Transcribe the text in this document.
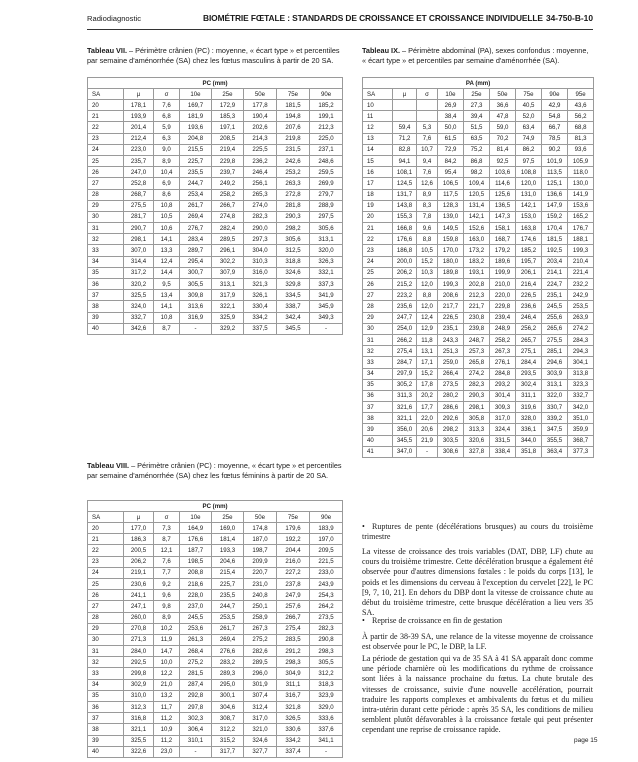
Radiodiagnostic	BIOMÉTRIE FŒTALE : STANDARDS DE CROISSANCE ET CROISSANCE INDIVIDUELLE 34-750-B-10
Tableau VII. – Périmètre crânien (PC) : moyenne, « écart type » et percentiles par semaine d'aménorrhée (SA) chez les fœtus masculins à partir de 20 SA.
PC (mm)							
SA	μ	σ	10e	25e	50e	75e	90e
20	178,1	7,6	169,7	172,9	177,8	181,5	185,2
21	193,9	6,8	181,9	185,3	190,4	194,8	199,1
22	201,4	5,9	193,6	197,1	202,6	207,6	212,3
23	212,4	6,3	204,8	208,5	214,3	219,8	225,0
24	223,0	9,0	215,5	219,4	225,5	231,5	237,1
25	235,7	8,9	225,7	229,8	236,2	242,6	248,6
26	247,0	10,4	235,5	239,7	246,4	253,2	259,5
27	252,8	6,9	244,7	249,2	256,1	263,3	269,9
28	268,7	8,6	253,4	258,2	265,3	272,8	279,7
29	275,5	10,8	261,7	266,7	274,0	281,8	288,9
30	281,7	10,5	269,4	274,8	282,3	290,3	297,5
31	290,7	10,6	276,7	282,4	290,0	298,2	305,6
32	298,1	14,1	283,4	289,5	297,3	305,6	313,1
33	307,0	13,3	289,7	296,1	304,0	312,5	320,0
34	314,4	12,4	295,4	302,2	310,3	318,8	326,3
35	317,2	14,4	300,7	307,9	316,0	324,6	332,1
36	320,2	9,5	305,5	313,1	321,3	329,8	337,3
37	325,5	13,4	309,8	317,9	326,1	334,5	341,9
38	324,0	14,1	313,6	322,1	330,4	338,7	345,9
39	332,7	10,8	316,9	325,9	334,2	342,4	349,3
40	342,6	8,7	-	329,2	337,5	345,5	-
Tableau VIII. – Périmètre crânien (PC) : moyenne, « écart type » et percentiles par semaine d'aménorrhée (SA) chez les fœtus féminins à partir de 20 SA.
PC (mm)							
SA	μ	σ	10e	25e	50e	75e	90e
20	177,0	7,3	164,9	169,0	174,8	179,6	183,9
21	186,3	8,7	176,6	181,4	187,0	192,2	197,0
22	200,5	12,1	187,7	193,3	198,7	204,4	209,5
23	206,2	7,6	198,5	204,6	209,9	216,0	221,5
24	219,1	7,7	208,8	215,4	220,7	227,2	233,0
25	230,6	9,2	218,6	225,7	231,0	237,8	243,9
26	241,1	9,6	228,0	235,5	240,8	247,9	254,3
27	247,1	9,8	237,0	244,7	250,1	257,6	264,2
28	260,0	8,9	245,5	253,5	258,9	266,7	273,5
29	270,8	10,2	253,6	261,7	267,3	275,4	282,3
30	271,3	11,9	261,3	269,4	275,2	283,5	290,8
31	284,0	14,7	268,4	276,6	282,6	291,2	298,3
32	292,5	10,0	275,2	283,2	289,5	298,3	305,5
33	299,8	12,2	281,5	289,3	296,0	304,9	312,2
34	302,9	21,0	287,4	295,0	301,9	311,1	318,3
35	310,0	13,2	292,8	300,1	307,4	316,7	323,9
36	312,3	11,7	297,8	304,6	312,4	321,8	329,0
37	316,8	11,2	302,3	308,7	317,0	326,5	333,6
38	321,1	10,9	306,4	312,2	321,0	330,6	337,6
39	325,5	11,2	310,1	315,2	324,6	334,2	341,1
40	322,6	23,0	-	317,7	327,7	337,4	-
Tableau IX. – Périmètre abdominal (PA), sexes confondus : moyenne, « écart type » et percentiles par semaine d'aménorrhée (SA).
PA (mm)									
SA	μ	σ	10e	25e	50e	75e	90e	95e	
10			26,9	27,3	36,6	40,5	42,9	43,6	
11			38,4	39,4	47,8	52,0	54,8	56,2	
12	59,4	5,3	50,0	51,5	59,0	63,4	66,7	68,8	
13	71,2	7,6	61,5	63,5	70,2	74,9	78,5	81,3	
14	82,8	10,7	72,9	75,2	81,4	86,2	90,2	93,6	
15	94,1	9,4	84,2	86,8	92,5	97,5	101,9	105,9	
16	108,1	7,6	95,4	98,2	103,6	108,8	113,5	118,0	
17	124,5	12,6	106,5	109,4	114,6	120,0	125,1	130,0	
18	131,7	8,9	117,5	120,5	125,6	131,0	136,6	141,9	
19	143,8	8,3	128,3	131,4	136,5	142,1	147,9	153,6	
20	155,3	7,8	139,0	142,1	147,3	153,0	159,2	165,2	
21	166,8	9,6	149,5	152,6	158,1	163,8	170,4	176,7	
22	176,6	8,8	159,8	163,0	168,7	174,6	181,5	188,1	
23	186,8	10,5	170,0	173,2	179,2	185,2	192,5	199,3	
24	200,0	15,2	180,0	183,2	189,6	195,7	203,4	210,4	
25	206,2	10,3	189,8	193,1	199,9	206,1	214,1	221,4	
26	215,2	12,0	199,3	202,8	210,0	216,4	224,7	232,2	
27	223,2	8,8	208,6	212,3	220,0	226,5	235,1	242,9	
28	235,6	12,0	217,7	221,7	229,8	236,6	245,5	253,5	
29	247,7	12,4	226,5	230,8	239,4	246,4	255,6	263,9	
30	254,0	12,9	235,1	239,8	248,9	256,2	265,6	274,2	
31	266,2	11,8	243,3	248,7	258,2	265,7	275,5	284,3	
32	275,4	13,1	251,3	257,3	267,3	275,1	285,1	294,3	
33	284,7	17,1	259,0	265,8	276,1	284,4	294,6	304,1	
34	297,9	15,2	266,4	274,2	284,8	293,5	303,9	313,8	
35	305,2	17,8	273,5	282,3	293,2	302,4	313,1	323,3	
36	311,3	20,2	280,2	290,3	301,4	311,1	322,0	332,7	
37	321,6	17,7	286,6	298,1	309,3	319,6	330,7	342,0	
38	321,1	22,0	292,6	305,8	317,0	328,0	339,2	351,0	
39	356,0	20,6	298,2	313,3	324,4	336,1	347,5	359,9	
40	345,5	21,9	303,5	320,6	331,5	344,0	355,5	368,7	
41	347,0	-	308,6	327,8	338,4	351,8	363,4	377,3	
• Ruptures de pente (décélérations brusques) au cours du troisième trimestre
La vitesse de croissance des trois variables (DAT, DBP, LF) chute au cours du troisième trimestre. Cette décélération brusque a également été observée pour d'autres dimensions fœtales : le poids du corps [13], le poids et les dimensions du cerveau à l'exception du cervelet [22], le PC [9, 7, 10, 21]. En dehors du DBP dont la vitesse de croissance chute au début du troisième trimestre, cette brusque décélération a lieu vers 35 SA.
• Reprise de croissance en fin de gestation
À partir de 38-39 SA, une relance de la vitesse moyenne de croissance est observée pour le PC, le DBP, la LF.
La période de gestation qui va de 35 SA à 41 SA apparaît donc comme une période charnière où les modifications du rythme de croissance sont liées à la naissance prochaine du fœtus. La chute brutale des vitesses de croissance, suivie d'une nouvelle accélération, pourrait traduire les rapports complexes et ambivalents du fœtus et du milieu intra-utérin durant cette période : après 35 SA, les conditions de milieu semblent plutôt défavorables à la croissance fœtale qui peut présenter cependant une reprise de croissance rapide.
page 15
